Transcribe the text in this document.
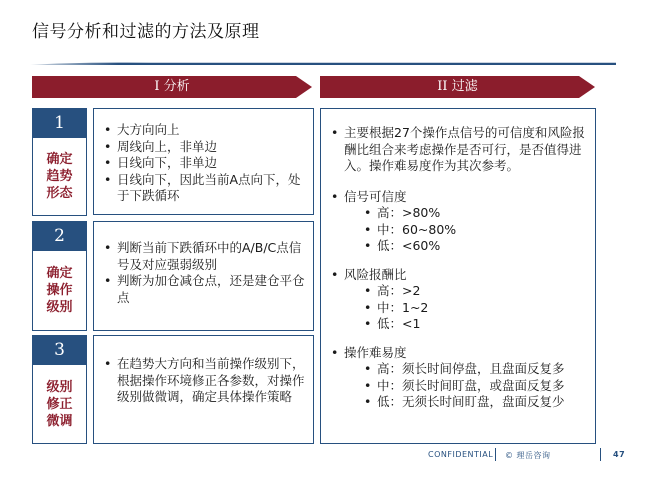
信号分析和过滤的方法及原理
I 分析	II 过滤
1
确定趋势形态
2
确定操作级别
3
级别修正微调
• 大方向向上
• 周线向上，非单边
• 日线向下，非单边
• 日线向下，因此当前A点向下，处于下跌循环
• 判断当前下跌循环中的A/B/C点信号及对应强弱级别
• 判断为加仓减仓点，还是建仓平仓点
• 在趋势大方向和当前操作级别下，根据操作环境修正各参数，对操作级别做微调，确定具体操作策略
• 主要根据27个操作点信号的可信度和风险报酬比组合来考虑操作是否可行，是否值得进入。操作难易度作为其次参考。
• 信号可信度
• 高：>80%
• 中：60~80%
• 低：<60%
• 风险报酬比
• 高：>2
• 中：1~2
• 低：<1
• 操作难易度
• 高：须长时间停盘，且盘面反复多
• 中：须长时间盯盘，或盘面反复多
• 低：无须长时间盯盘，盘面反复少
CONFIDENTIAL © 理岳咨询	47
